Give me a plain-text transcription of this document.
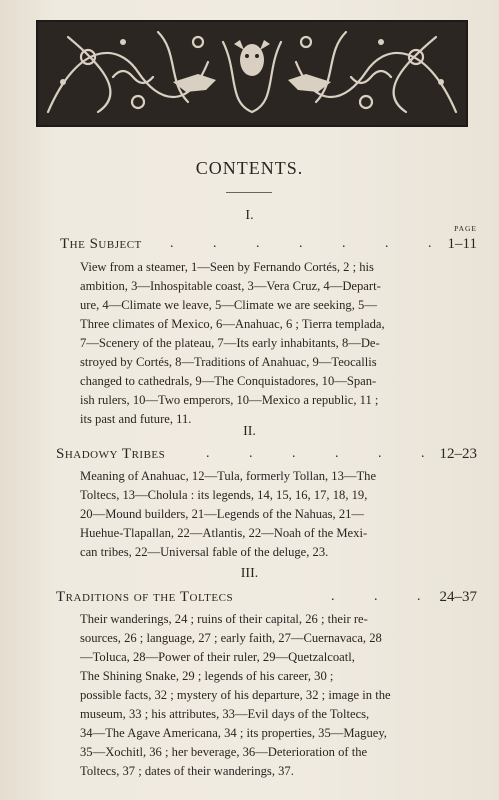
CONTENTS.
I.
PAGE
The Subject . . . . . . .
1–11
View from a steamer, 1—Seen by Fernando Cortés, 2 ; his
ambition, 3—Inhospitable coast, 3—Vera Cruz, 4—Depart-
ure, 4—Climate we leave, 5—Climate we are seeking, 5—
Three climates of Mexico, 6—Anahuac, 6 ; Tierra templada,
7—Scenery of the plateau, 7—Its early inhabitants, 8—De-
stroyed by Cortés, 8—Traditions of Anahuac, 9—Teocallis
changed to cathedrals, 9—The Conquistadores, 10—Span-
ish rulers, 10—Two emperors, 10—Mexico a republic, 11 ;
its past and future, 11.
II.
Shadowy Tribes	. . . . . .
12–23
Meaning of Anahuac, 12—Tula, formerly Tollan, 13—The
Toltecs, 13—Cholula : its legends, 14, 15, 16, 17, 18, 19,
20—Mound builders, 21—Legends of the Nahuas, 21—
Huehue-Tlapallan, 22—Atlantis, 22—Noah of the Mexi-
can tribes, 22—Universal fable of the deluge, 23.
III.
Traditions of the Toltecs	. . . 24–37
Their wanderings, 24 ; ruins of their capital, 26 ; their re-
sources, 26 ; language, 27 ; early faith, 27—Cuernavaca, 28
—Toluca, 28—Power of their ruler, 29—Quetzalcoatl,
The Shining Snake, 29 ; legends of his career, 30 ;
possible facts, 32 ; mystery of his departure, 32 ; image in the
museum, 33 ; his attributes, 33—Evil days of the Toltecs,
34—The Agave Americana, 34 ; its properties, 35—Maguey,
35—Xochitl, 36 ; her beverage, 36—Deterioration of the
Toltecs, 37 ; dates of their wanderings, 37.
